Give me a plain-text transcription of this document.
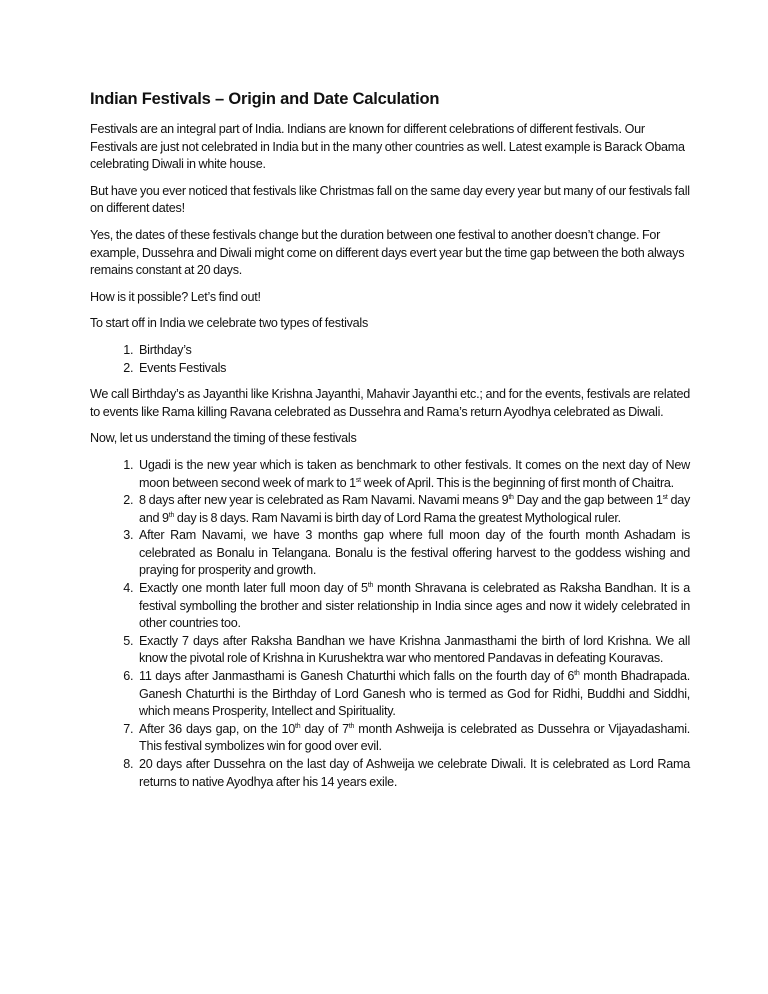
Indian Festivals – Origin and Date Calculation

Festivals are an integral part of India. Indians are known for different celebrations of different festivals. Our Festivals are just not celebrated in India but in the many other countries as well. Latest example is Barack Obama celebrating Diwali in white house.

But have you ever noticed that festivals like Christmas fall on the same day every year but many of our festivals fall on different dates!

Yes, the dates of these festivals change but the duration between one festival to another doesn’t change. For example, Dussehra and Diwali might come on different days evert year but the time gap between the both always remains constant at 20 days.

How is it possible? Let’s find out!

To start off in India we celebrate two types of festivals

1. Birthday’s
2. Events Festivals

We call Birthday’s as Jayanthi like Krishna Jayanthi, Mahavir Jayanthi etc.; and for the events, festivals are related to events like Rama killing Ravana celebrated as Dussehra and Rama’s return Ayodhya celebrated as Diwali.

Now, let us understand the timing of these festivals

1. Ugadi is the new year which is taken as benchmark to other festivals. It comes on the next day of New moon between second week of mark to 1st week of April. This is the beginning of first month of Chaitra.
2. 8 days after new year is celebrated as Ram Navami. Navami means 9th Day and the gap between 1st day and 9th day is 8 days. Ram Navami is birth day of Lord Rama the greatest Mythological ruler.
3. After Ram Navami, we have 3 months gap where full moon day of the fourth month Ashadam is celebrated as Bonalu in Telangana. Bonalu is the festival offering harvest to the goddess wishing and praying for prosperity and growth.
4. Exactly one month later full moon day of 5th month Shravana is celebrated as Raksha Bandhan. It is a festival symbolling the brother and sister relationship in India since ages and now it widely celebrated in other countries too.
5. Exactly 7 days after Raksha Bandhan we have Krishna Janmasthami the birth of lord Krishna. We all know the pivotal role of Krishna in Kurushektra war who mentored Pandavas in defeating Kouravas.
6. 11 days after Janmasthami is Ganesh Chaturthi which falls on the fourth day of 6th month Bhadrapada. Ganesh Chaturthi is the Birthday of Lord Ganesh who is termed as God for Ridhi, Buddhi and Siddhi, which means Prosperity, Intellect and Spirituality.
7. After 36 days gap, on the 10th day of 7th month Ashweija is celebrated as Dussehra or Vijayadashami. This festival symbolizes win for good over evil.
8. 20 days after Dussehra on the last day of Ashweija we celebrate Diwali. It is celebrated as Lord Rama returns to native Ayodhya after his 14 years exile.
